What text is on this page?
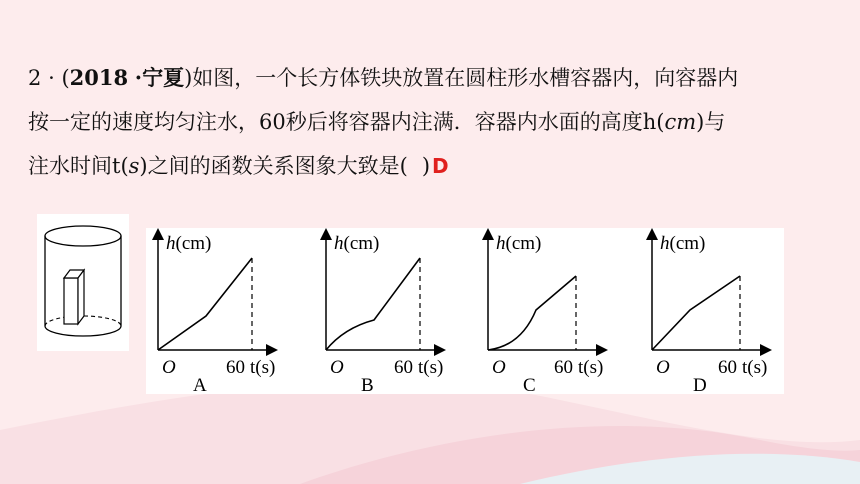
2 · (2018 ·宁夏)如图，一个长方体铁块放置在圆柱形水槽容器内，向容器内
按一定的速度均匀注水，60秒后将容器内注满．容器内水面的高度h(cm)与
注水时间t(s)之间的函数关系图象大致是( ) D
h(cm)
O	60 t(s)
A
h(cm)
O	60 t(s)
B
h(cm)
O	60 t(s)
C
h(cm)
O	60 t(s)
D
